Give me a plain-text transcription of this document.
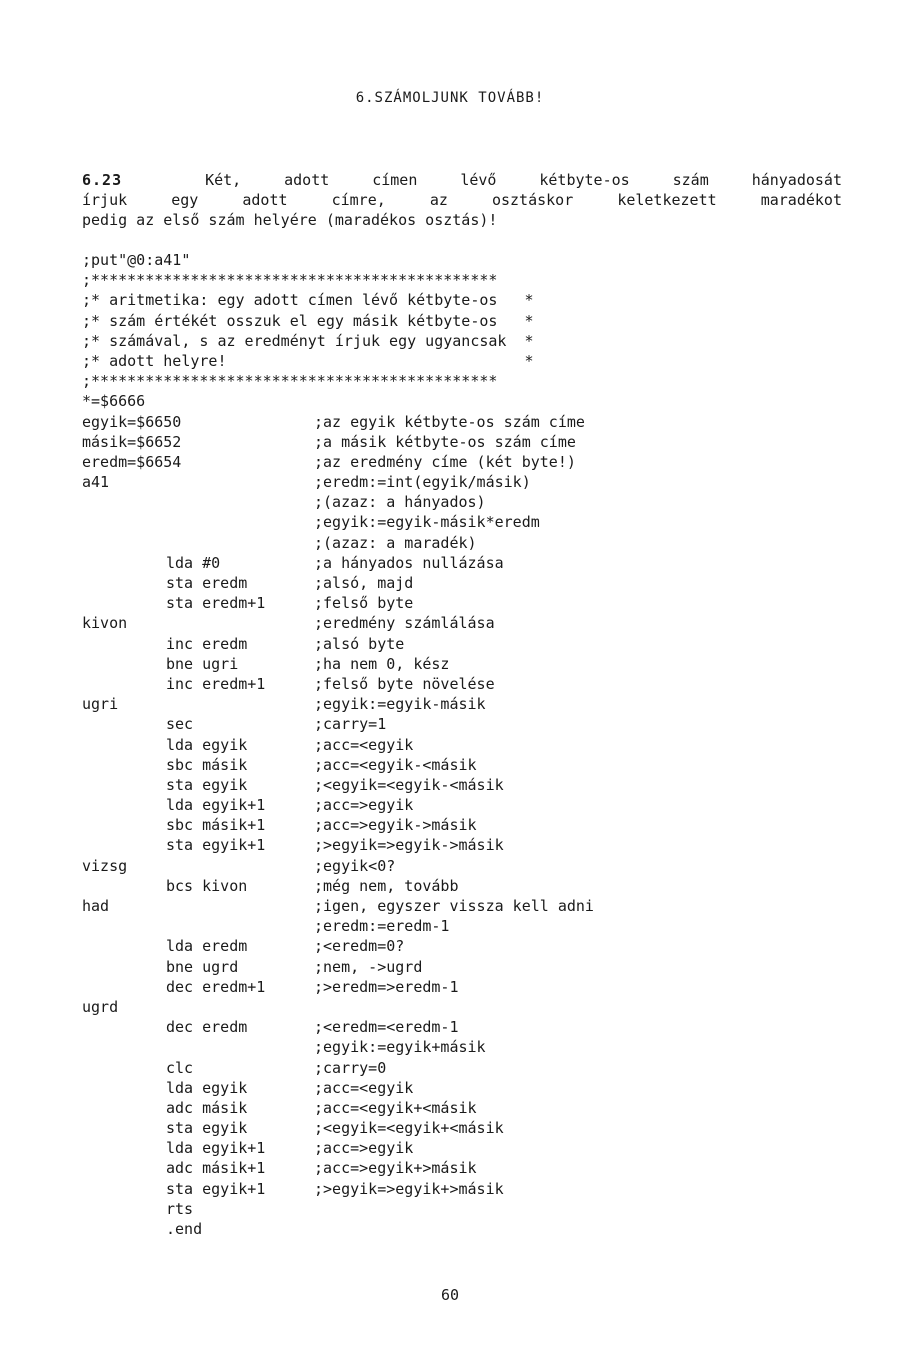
6.SZÁMOLJUNK TOVÁBB!
6.23	Két,	adott	címen	lévő	kétbyte-os	szám	hányadosát
írjuk	egy	adott	címre,	az	osztáskor	keletkezett	maradékot
pedig az első szám helyére (maradékos osztás)!
;put"@0:a41"
;*********************************************
;* aritmetika: egy adott címen lévő kétbyte-os   *
;* szám értékét osszuk el egy másik kétbyte-os   *
;* számával, s az eredményt írjuk egy ugyancsak  *
;* adott helyre!                                 *
;*********************************************
*=$6666
egyik=$6650	;az egyik kétbyte-os szám címe
másik=$6652	;a másik kétbyte-os szám címe
eredm=$6654	;az eredmény címe (két byte!)
a41	;eredm:=int(egyik/másik)
;(azaz: a hányados)
;egyik:=egyik-másik*eredm
;(azaz: a maradék)
lda #0	;a hányados nullázása
sta eredm	;alsó, majd
sta eredm+1	;felső byte
kivon	;eredmény számlálása
inc eredm	;alsó byte
bne ugri	;ha nem 0, kész
inc eredm+1	;felső byte növelése
ugri	;egyik:=egyik-másik
sec	;carry=1
lda egyik	;acc=<egyik
sbc másik	;acc=<egyik-<másik
sta egyik	;<egyik=<egyik-<másik
lda egyik+1	;acc=>egyik
sbc másik+1	;acc=>egyik->másik
sta egyik+1	;>egyik=>egyik->másik
vizsg	;egyik<0?
bcs kivon	;még nem, tovább
had	;igen, egyszer vissza kell adni
;eredm:=eredm-1
lda eredm	;<eredm=0?
bne ugrd	;nem, ->ugrd
dec eredm+1	;>eredm=>eredm-1
ugrd
dec eredm	;<eredm=<eredm-1
;egyik:=egyik+másik
clc	;carry=0
lda egyik	;acc=<egyik
adc másik	;acc=<egyik+<másik
sta egyik	;<egyik=<egyik+<másik
lda egyik+1	;acc=>egyik
adc másik+1	;acc=>egyik+>másik
sta egyik+1	;>egyik=>egyik+>másik
rts
.end
60
